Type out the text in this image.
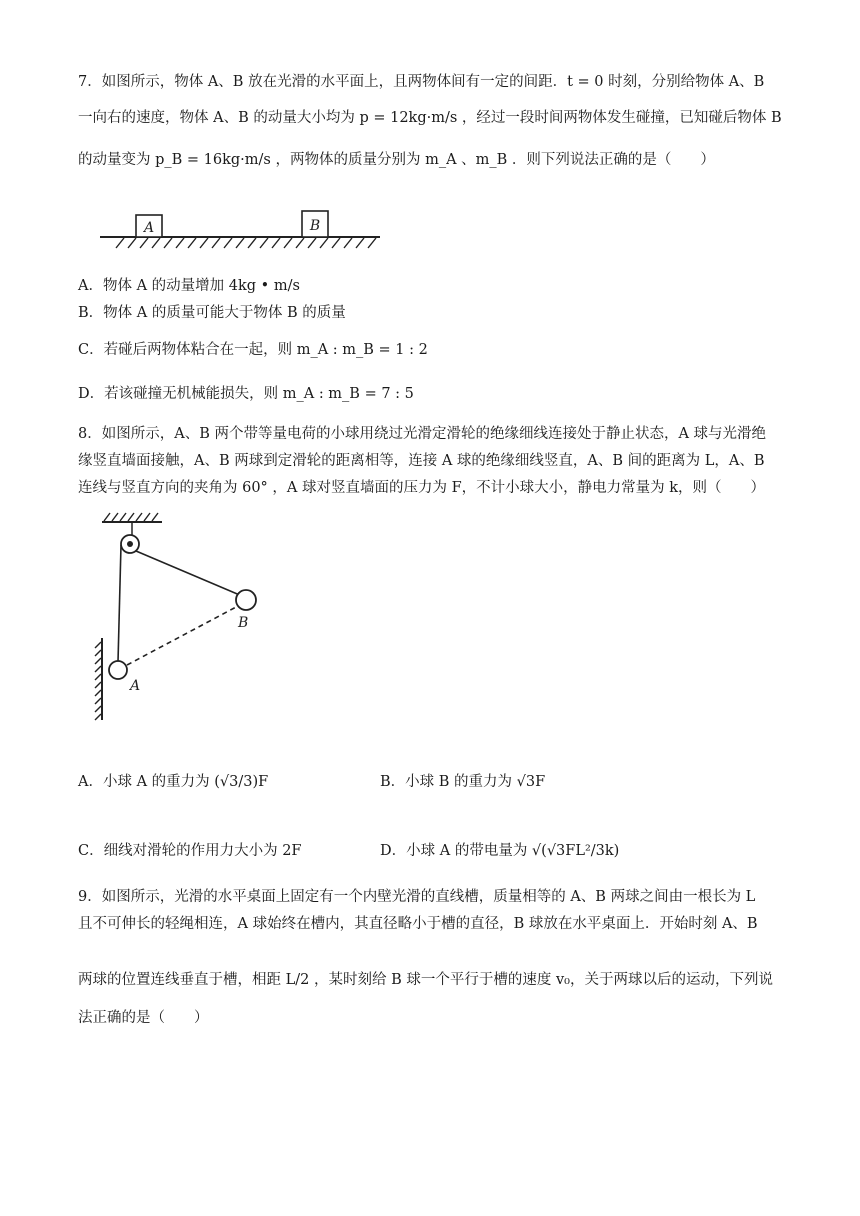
7．如图所示，物体 A、B 放在光滑的水平面上，且两物体间有一定的间距．t = 0 时刻，分别给物体 A、B
一向右的速度，物体 A、B 的动量大小均为 p = 12kg·m/s ，经过一段时间两物体发生碰撞，已知碰后物体 B
的动量变为 p_B = 16kg·m/s ，两物体的质量分别为 m_A 、m_B ．则下列说法正确的是（　　）
A	B
A．物体 A 的动量增加 4kg • m/s
B．物体 A 的质量可能大于物体 B 的质量
C．若碰后两物体粘合在一起，则 m_A : m_B = 1 : 2
D．若该碰撞无机械能损失，则 m_A : m_B = 7 : 5
8．如图所示，A、B 两个带等量电荷的小球用绕过光滑定滑轮的绝缘细线连接处于静止状态，A 球与光滑绝
缘竖直墙面接触，A、B 两球到定滑轮的距离相等，连接 A 球的绝缘细线竖直，A、B 间的距离为 L，A、B
连线与竖直方向的夹角为 60° ，A 球对竖直墙面的压力为 F，不计小球大小，静电力常量为 k，则（　　）
A
B
A．小球 A 的重力为 (√3/3)F	B．小球 B 的重力为 √3F
C．细线对滑轮的作用力大小为 2F	D．小球 A 的带电量为 √(√3FL²/3k)
9．如图所示，光滑的水平桌面上固定有一个内壁光滑的直线槽，质量相等的 A、B 两球之间由一根长为 L
且不可伸长的轻绳相连，A 球始终在槽内，其直径略小于槽的直径，B 球放在水平桌面上．开始时刻 A、B
两球的位置连线垂直于槽，相距 L/2 ，某时刻给 B 球一个平行于槽的速度 v₀，关于两球以后的运动，下列说
法正确的是（　　）
